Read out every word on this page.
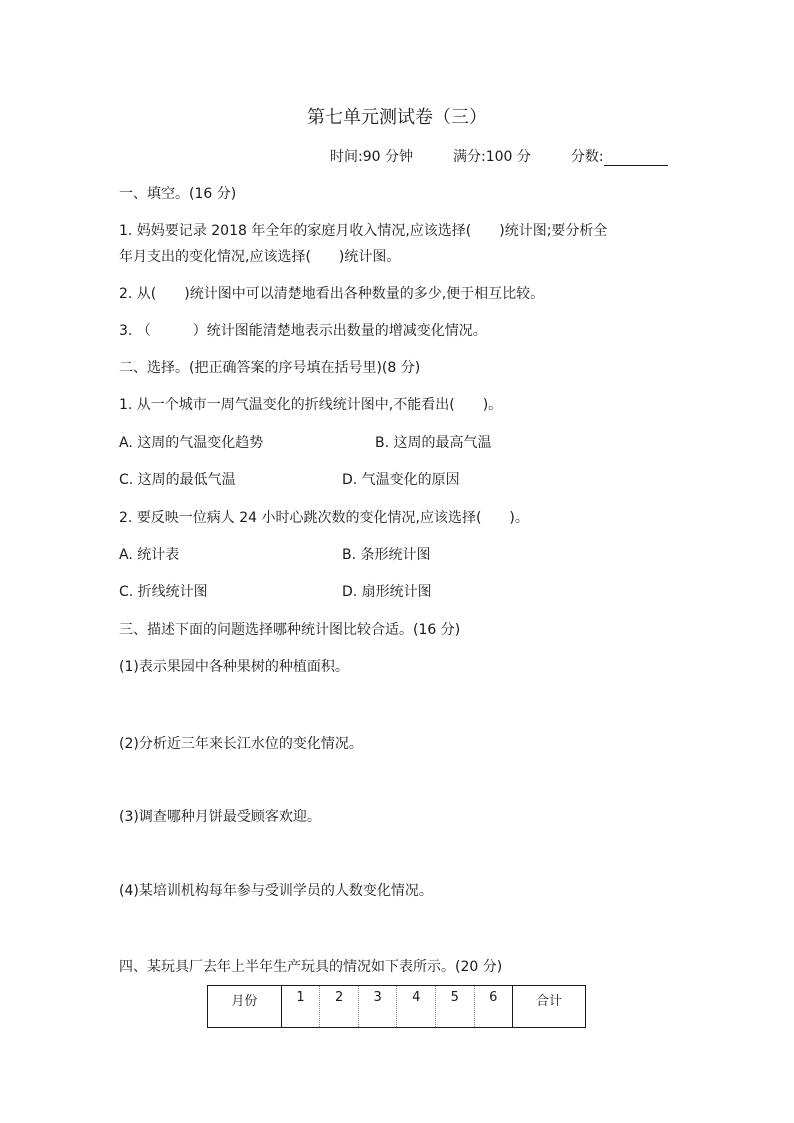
第七单元测试卷（三）
时间:90 分钟	满分:100 分	分数:
一、填空。(16 分)
1. 妈妈要记录 2018 年全年的家庭月收入情况,应该选择(　　)统计图;要分析全
年月支出的变化情况,应该选择(　　)统计图。
2. 从(　　)统计图中可以清楚地看出各种数量的多少,便于相互比较。
3. （　　　）统计图能清楚地表示出数量的增减变化情况。
二、选择。(把正确答案的序号填在括号里)(8 分)
1. 从一个城市一周气温变化的折线统计图中,不能看出(　　)。
A. 这周的气温变化趋势	B. 这周的最高气温
C. 这周的最低气温	D. 气温变化的原因
2. 要反映一位病人 24 小时心跳次数的变化情况,应该选择(　　)。
A. 统计表	B. 条形统计图
C. 折线统计图	D. 扇形统计图
三、描述下面的问题选择哪种统计图比较合适。(16 分)
(1)表示果园中各种果树的种植面积。
(2)分析近三年来长江水位的变化情况。
(3)调查哪种月饼最受顾客欢迎。
(4)某培训机构每年参与受训学员的人数变化情况。
四、某玩具厂去年上半年生产玩具的情况如下表所示。(20 分)
月份	1	2	3	4	5	6	合计
